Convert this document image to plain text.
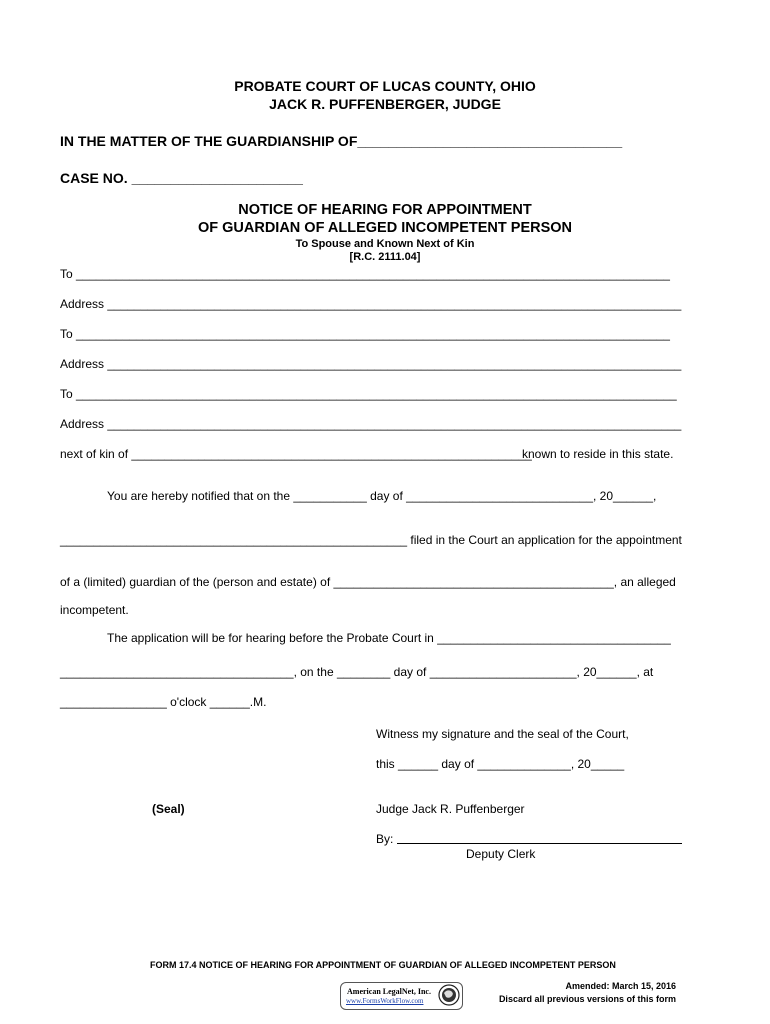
PROBATE COURT OF LUCAS COUNTY, OHIO
JACK R. PUFFENBERGER, JUDGE
IN THE MATTER OF THE GUARDIANSHIP OF__________________________________
CASE NO. ______________________
NOTICE OF HEARING FOR APPOINTMENT
OF GUARDIAN OF ALLEGED INCOMPETENT PERSON
To Spouse and Known Next of Kin
[R.C. 2111.04]
To _________________________________________________________________________________________
Address ______________________________________________________________________________________
To _________________________________________________________________________________________
Address ______________________________________________________________________________________
To __________________________________________________________________________________________
Address ______________________________________________________________________________________
next of kin of ____________________________________________________________
known to reside in this state.
You are hereby notified that on the ___________ day of ____________________________, 20______,
____________________________________________________ filed in the Court an application for the appointment
of a (limited) guardian of the (person and estate) of __________________________________________, an alleged
incompetent.
The application will be for hearing before the Probate Court in ___________________________________
___________________________________, on the ________ day of ______________________, 20______, at
________________ o'clock ______.M.
Witness my signature and the seal of the Court,
this ______ day of ______________, 20_____
(Seal)	Judge Jack R. Puffenberger
By:
Deputy Clerk
FORM 17.4 NOTICE OF HEARING FOR APPOINTMENT OF GUARDIAN OF ALLEGED INCOMPETENT PERSON
American LegalNet, Inc.
www.FormsWorkFlow.com
Amended: March 15, 2016
Discard all previous versions of this form
